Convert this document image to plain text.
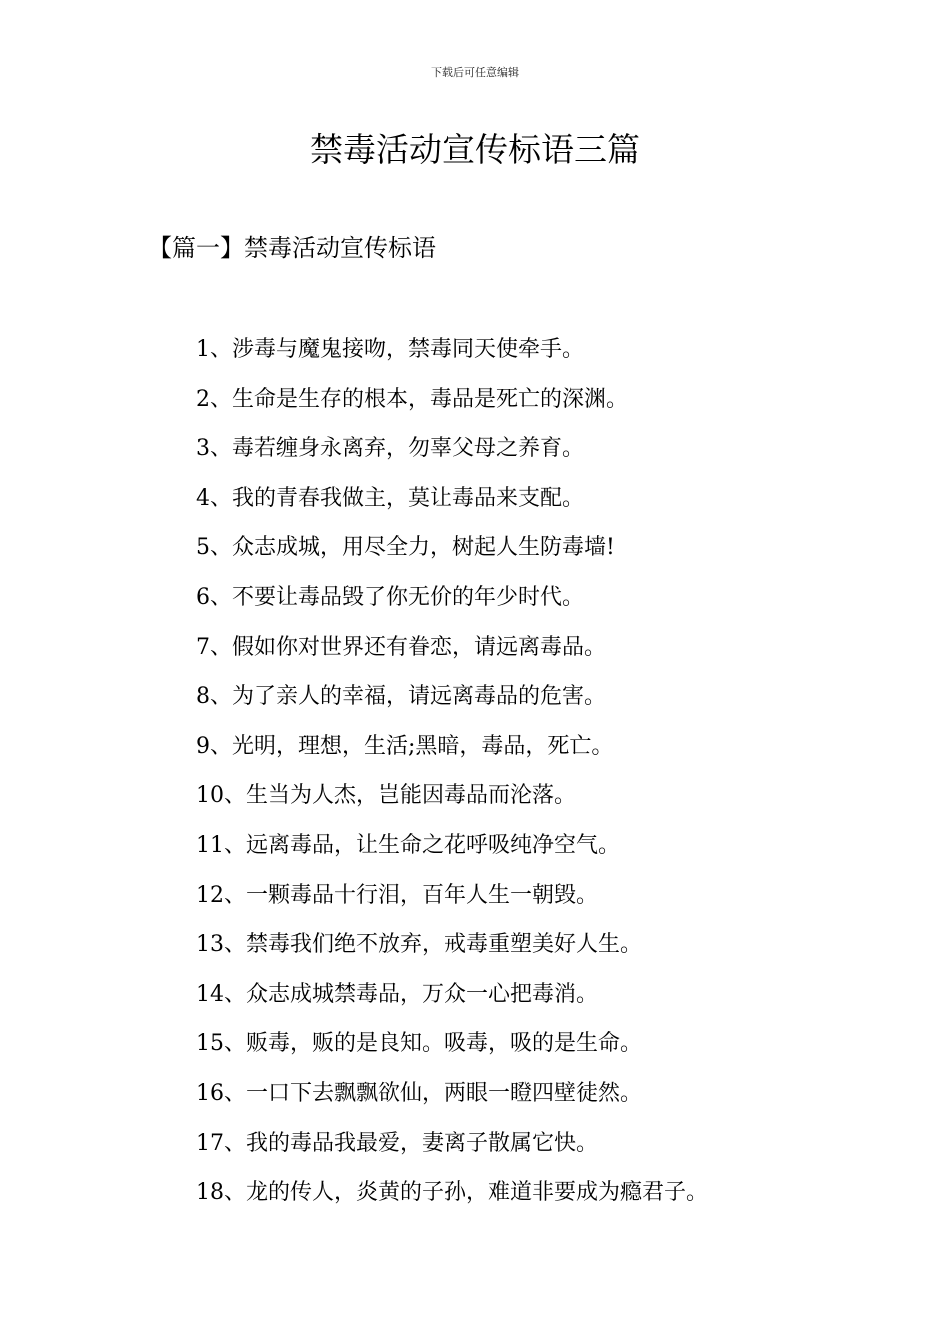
下载后可任意编辑
禁毒活动宣传标语三篇
【篇一】禁毒活动宣传标语
1、涉毒与魔鬼接吻，禁毒同天使牵手。
2、生命是生存的根本，毒品是死亡的深渊。
3、毒若缠身永离弃，勿辜父母之养育。
4、我的青春我做主，莫让毒品来支配。
5、众志成城，用尽全力，树起人生防毒墙!
6、不要让毒品毁了你无价的年少时代。
7、假如你对世界还有眷恋，请远离毒品。
8、为了亲人的幸福，请远离毒品的危害。
9、光明，理想，生活;黑暗，毒品，死亡。
10、生当为人杰，岂能因毒品而沦落。
11、远离毒品，让生命之花呼吸纯净空气。
12、一颗毒品十行泪，百年人生一朝毁。
13、禁毒我们绝不放弃，戒毒重塑美好人生。
14、众志成城禁毒品，万众一心把毒消。
15、贩毒，贩的是良知。吸毒，吸的是生命。
16、一口下去飘飘欲仙，两眼一瞪四壁徒然。
17、我的毒品我最爱，妻离子散属它快。
18、龙的传人，炎黄的子孙，难道非要成为瘾君子。
